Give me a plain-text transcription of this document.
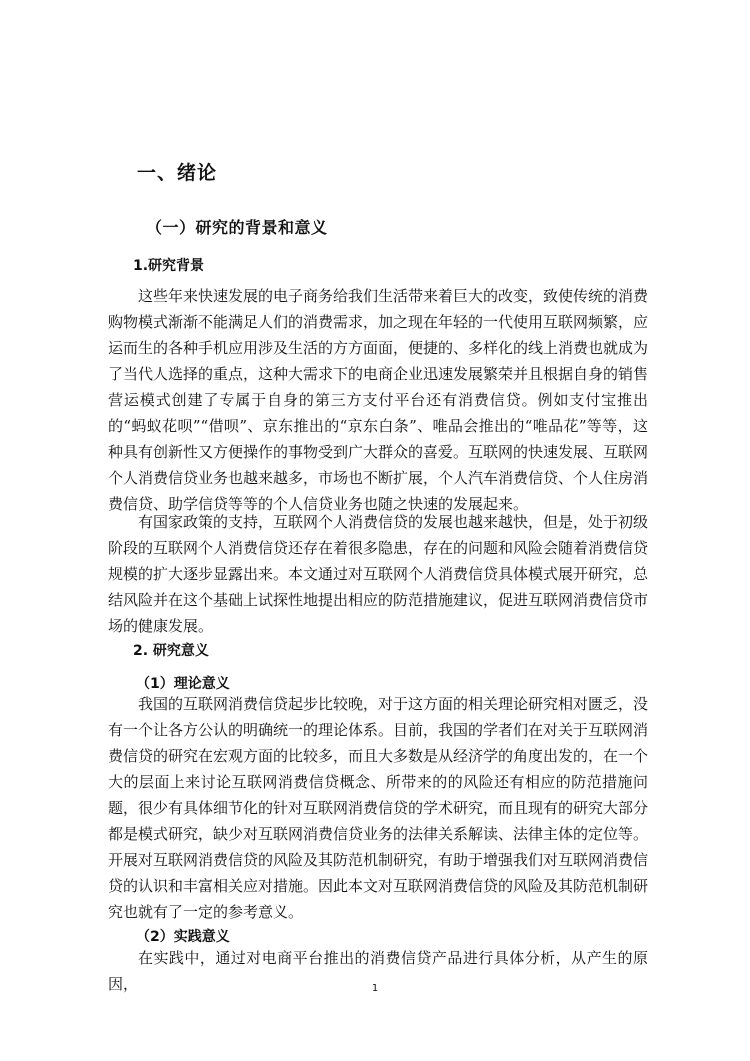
一、绪论
（一）研究的背景和意义
1.研究背景

这些年来快速发展的电子商务给我们生活带来着巨大的改变，致使传统的消费购物模式渐渐不能满足人们的消费需求，加之现在年轻的一代使用互联网频繁，应运而生的各种手机应用涉及生活的方方面面，便捷的、多样化的线上消费也就成为了当代人选择的重点，这种大需求下的电商企业迅速发展繁荣并且根据自身的销售营运模式创建了专属于自身的第三方支付平台还有消费信贷。例如支付宝推出的“蚂蚁花呗”“借呗”、京东推出的“京东白条”、唯品会推出的“唯品花”等等，这种具有创新性又方便操作的事物受到广大群众的喜爱。互联网的快速发展、互联网个人消费信贷业务也越来越多，市场也不断扩展，个人汽车消费信贷、个人住房消费信贷、助学信贷等等的个人信贷业务也随之快速的发展起来。

有国家政策的支持，互联网个人消费信贷的发展也越来越快，但是，处于初级阶段的互联网个人消费信贷还存在着很多隐患，存在的问题和风险会随着消费信贷规模的扩大逐步显露出来。本文通过对互联网个人消费信贷具体模式展开研究，总结风险并在这个基础上试探性地提出相应的防范措施建议，促进互联网消费信贷市场的健康发展。

2. 研究意义
（1）理论意义

我国的互联网消费信贷起步比较晚，对于这方面的相关理论研究相对匮乏，没有一个让各方公认的明确统一的理论体系。目前，我国的学者们在对关于互联网消费信贷的研究在宏观方面的比较多，而且大多数是从经济学的角度出发的，在一个大的层面上来讨论互联网消费信贷概念、所带来的的风险还有相应的防范措施问题，很少有具体细节化的针对互联网消费信贷的学术研究，而且现有的研究大部分都是模式研究，缺少对互联网消费信贷业务的法律关系解读、法律主体的定位等。开展对互联网消费信贷的风险及其防范机制研究，有助于增强我们对互联网消费信贷的认识和丰富相关应对措施。因此本文对互联网消费信贷的风险及其防范机制研究也就有了一定的参考意义。

（2）实践意义

在实践中，通过对电商平台推出的消费信贷产品进行具体分析，从产生的原因，	1
